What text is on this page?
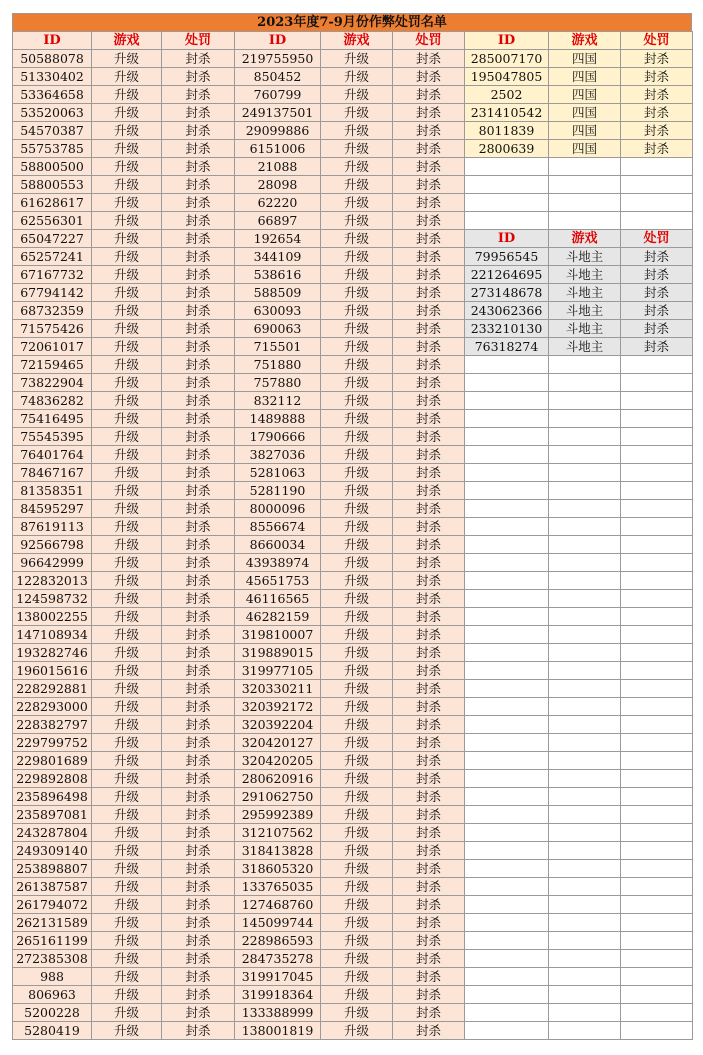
2023年度7-9月份作弊处罚名单
ID	游戏	处罚	ID	游戏	处罚
50588078	升级	封杀	219755950	升级	封杀
51330402	升级	封杀	850452	升级	封杀
53364658	升级	封杀	760799	升级	封杀
53520063	升级	封杀	249137501	升级	封杀
54570387	升级	封杀	29099886	升级	封杀
55753785	升级	封杀	6151006	升级	封杀
58800500	升级	封杀	21088	升级	封杀
58800553	升级	封杀	28098	升级	封杀
61628617	升级	封杀	62220	升级	封杀
62556301	升级	封杀	66897	升级	封杀
65047227	升级	封杀	192654	升级	封杀
65257241	升级	封杀	344109	升级	封杀
67167732	升级	封杀	538616	升级	封杀
67794142	升级	封杀	588509	升级	封杀
68732359	升级	封杀	630093	升级	封杀
71575426	升级	封杀	690063	升级	封杀
72061017	升级	封杀	715501	升级	封杀
72159465	升级	封杀	751880	升级	封杀
73822904	升级	封杀	757880	升级	封杀
74836282	升级	封杀	832112	升级	封杀
75416495	升级	封杀	1489888	升级	封杀
75545395	升级	封杀	1790666	升级	封杀
76401764	升级	封杀	3827036	升级	封杀
78467167	升级	封杀	5281063	升级	封杀
81358351	升级	封杀	5281190	升级	封杀
84595297	升级	封杀	8000096	升级	封杀
87619113	升级	封杀	8556674	升级	封杀
92566798	升级	封杀	8660034	升级	封杀
96642999	升级	封杀	43938974	升级	封杀
122832013	升级	封杀	45651753	升级	封杀
124598732	升级	封杀	46116565	升级	封杀
138002255	升级	封杀	46282159	升级	封杀
147108934	升级	封杀	319810007	升级	封杀
193282746	升级	封杀	319889015	升级	封杀
196015616	升级	封杀	319977105	升级	封杀
228292881	升级	封杀	320330211	升级	封杀
228293000	升级	封杀	320392172	升级	封杀
228382797	升级	封杀	320392204	升级	封杀
229799752	升级	封杀	320420127	升级	封杀
229801689	升级	封杀	320420205	升级	封杀
229892808	升级	封杀	280620916	升级	封杀
235896498	升级	封杀	291062750	升级	封杀
235897081	升级	封杀	295992389	升级	封杀
243287804	升级	封杀	312107562	升级	封杀
249309140	升级	封杀	318413828	升级	封杀
253898807	升级	封杀	318605320	升级	封杀
261387587	升级	封杀	133765035	升级	封杀
261794072	升级	封杀	127468760	升级	封杀
262131589	升级	封杀	145099744	升级	封杀
265161199	升级	封杀	228986593	升级	封杀
272385308	升级	封杀	284735278	升级	封杀
988	升级	封杀	319917045	升级	封杀
806963	升级	封杀	319918364	升级	封杀
5200228	升级	封杀	133388999	升级	封杀
5280419	升级	封杀	138001819	升级	封杀
ID	游戏	处罚
285007170	四国	封杀
195047805	四国	封杀
2502	四国	封杀
231410542	四国	封杀
8011839	四国	封杀
2800639	四国	封杀

ID	游戏	处罚
79956545	斗地主	封杀
221264695	斗地主	封杀
273148678	斗地主	封杀
243062366	斗地主	封杀
233210130	斗地主	封杀
76318274	斗地主	封杀
